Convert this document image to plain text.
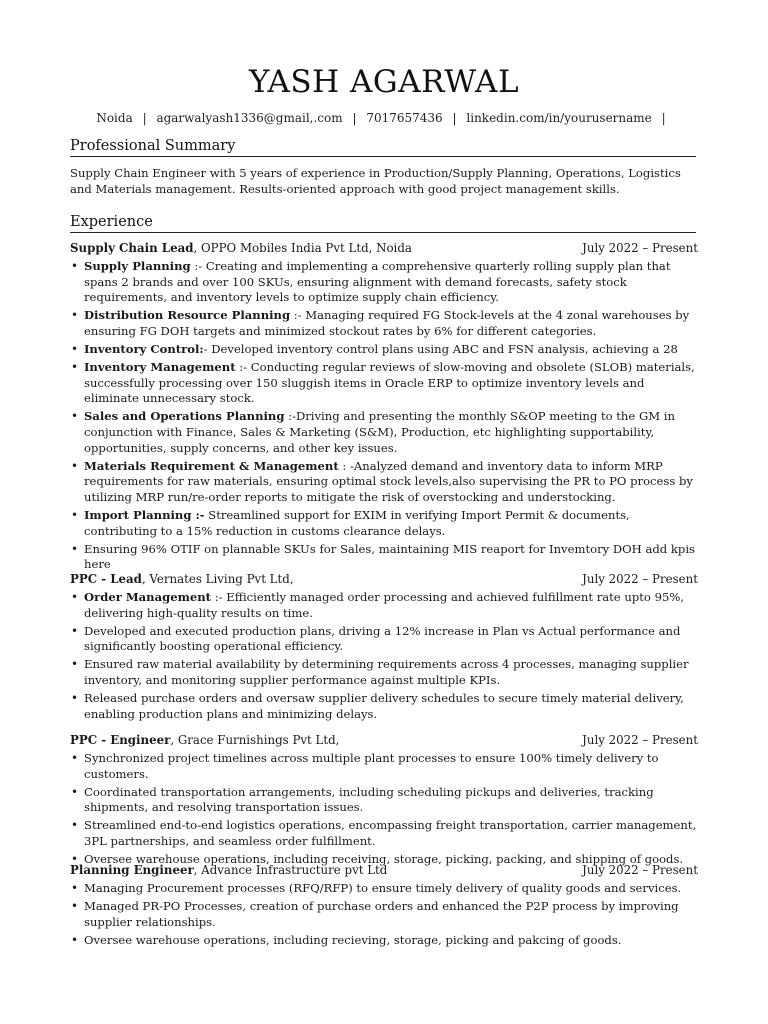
YASH AGARWAL
Noida | agarwalyash1336@gmail,.com | 7017657436 | linkedin.com/in/yourusername |
Professional Summary
Supply Chain Engineer with 5 years of experience in Production/Supply Planning, Operations, Logistics and Materials management. Results-oriented approach with good project management skills.
Experience
Supply Chain Lead, OPPO Mobiles India Pvt Ltd, Noida	July 2022 – Present
• Supply Planning :- Creating and implementing a comprehensive quarterly rolling supply plan that spans 2 brands and over 100 SKUs, ensuring alignment with demand forecasts, safety stock requirements, and inventory levels to optimize supply chain efficiency.
• Distribution Resource Planning :- Managing required FG Stock-levels at the 4 zonal warehouses by ensuring FG DOH targets and minimized stockout rates by 6% for different categories.
• Inventory Control:- Developed inventory control plans using ABC and FSN analysis, achieving a 28
• Inventory Management :- Conducting regular reviews of slow-moving and obsolete (SLOB) materials, successfully processing over 150 sluggish items in Oracle ERP to optimize inventory levels and eliminate unnecessary stock.
• Sales and Operations Planning :-Driving and presenting the monthly S&OP meeting to the GM in conjunction with Finance, Sales & Marketing (S&M), Production, etc highlighting supportability, opportunities, supply concerns, and other key issues.
• Materials Requirement & Management : -Analyzed demand and inventory data to inform MRP requirements for raw materials, ensuring optimal stock levels,also supervising the PR to PO process by utilizing MRP run/re-order reports to mitigate the risk of overstocking and understocking.
• Import Planning :- Streamlined support for EXIM in verifying Import Permit & documents, contributing to a 15% reduction in customs clearance delays.
• Ensuring 96% OTIF on plannable SKUs for Sales, maintaining MIS reaport for Invemtory DOH add kpis here
PPC - Lead, Vernates Living Pvt Ltd,	July 2022 – Present
• Order Management :- Efficiently managed order processing and achieved fulfillment rate upto 95%, delivering high-quality results on time.
• Developed and executed production plans, driving a 12% increase in Plan vs Actual performance and significantly boosting operational efficiency.
• Ensured raw material availability by determining requirements across 4 processes, managing supplier inventory, and monitoring supplier performance against multiple KPIs.
• Released purchase orders and oversaw supplier delivery schedules to secure timely material delivery, enabling production plans and minimizing delays.
PPC - Engineer, Grace Furnishings Pvt Ltd,	July 2022 – Present
• Synchronized project timelines across multiple plant processes to ensure 100% timely delivery to customers.
• Coordinated transportation arrangements, including scheduling pickups and deliveries, tracking shipments, and resolving transportation issues.
• Streamlined end-to-end logistics operations, encompassing freight transportation, carrier management, 3PL partnerships, and seamless order fulfillment.
• Oversee warehouse operations, including receiving, storage, picking, packing, and shipping of goods.
Planning Engineer, Advance Infrastructure pvt Ltd	July 2022 – Present
• Managing Procurement processes (RFQ/RFP) to ensure timely delivery of quality goods and services.
• Managed PR-PO Processes, creation of purchase orders and enhanced the P2P process by improving supplier relationships.
• Oversee warehouse operations, including recieving, storage, picking and pakcing of goods.
